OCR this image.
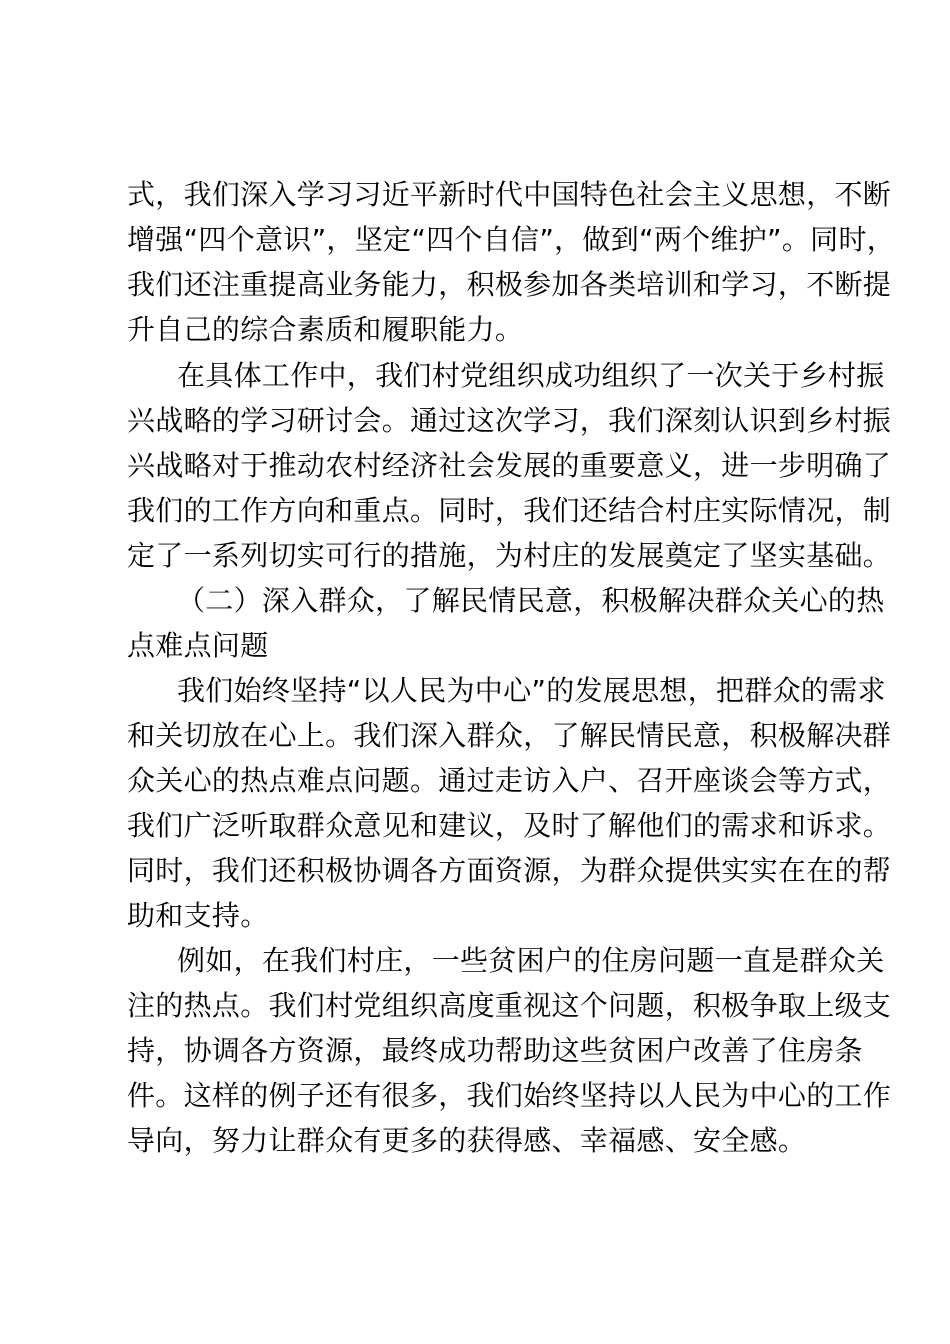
式，我们深入学习习近平新时代中国特色社会主义思想，不断
增强“四个意识”，坚定“四个自信”，做到“两个维护”。同时，
我们还注重提高业务能力，积极参加各类培训和学习，不断提
升自己的综合素质和履职能力。
在具体工作中，我们村党组织成功组织了一次关于乡村振
兴战略的学习研讨会。通过这次学习，我们深刻认识到乡村振
兴战略对于推动农村经济社会发展的重要意义，进一步明确了
我们的工作方向和重点。同时，我们还结合村庄实际情况，制
定了一系列切实可行的措施，为村庄的发展奠定了坚实基础。
（二）深入群众，了解民情民意，积极解决群众关心的热
点难点问题
我们始终坚持“以人民为中心”的发展思想，把群众的需求
和关切放在心上。我们深入群众，了解民情民意，积极解决群
众关心的热点难点问题。通过走访入户、召开座谈会等方式，
我们广泛听取群众意见和建议，及时了解他们的需求和诉求。
同时，我们还积极协调各方面资源，为群众提供实实在在的帮
助和支持。
例如，在我们村庄，一些贫困户的住房问题一直是群众关
注的热点。我们村党组织高度重视这个问题，积极争取上级支
持，协调各方资源，最终成功帮助这些贫困户改善了住房条
件。这样的例子还有很多，我们始终坚持以人民为中心的工作
导向，努力让群众有更多的获得感、幸福感、安全感。
